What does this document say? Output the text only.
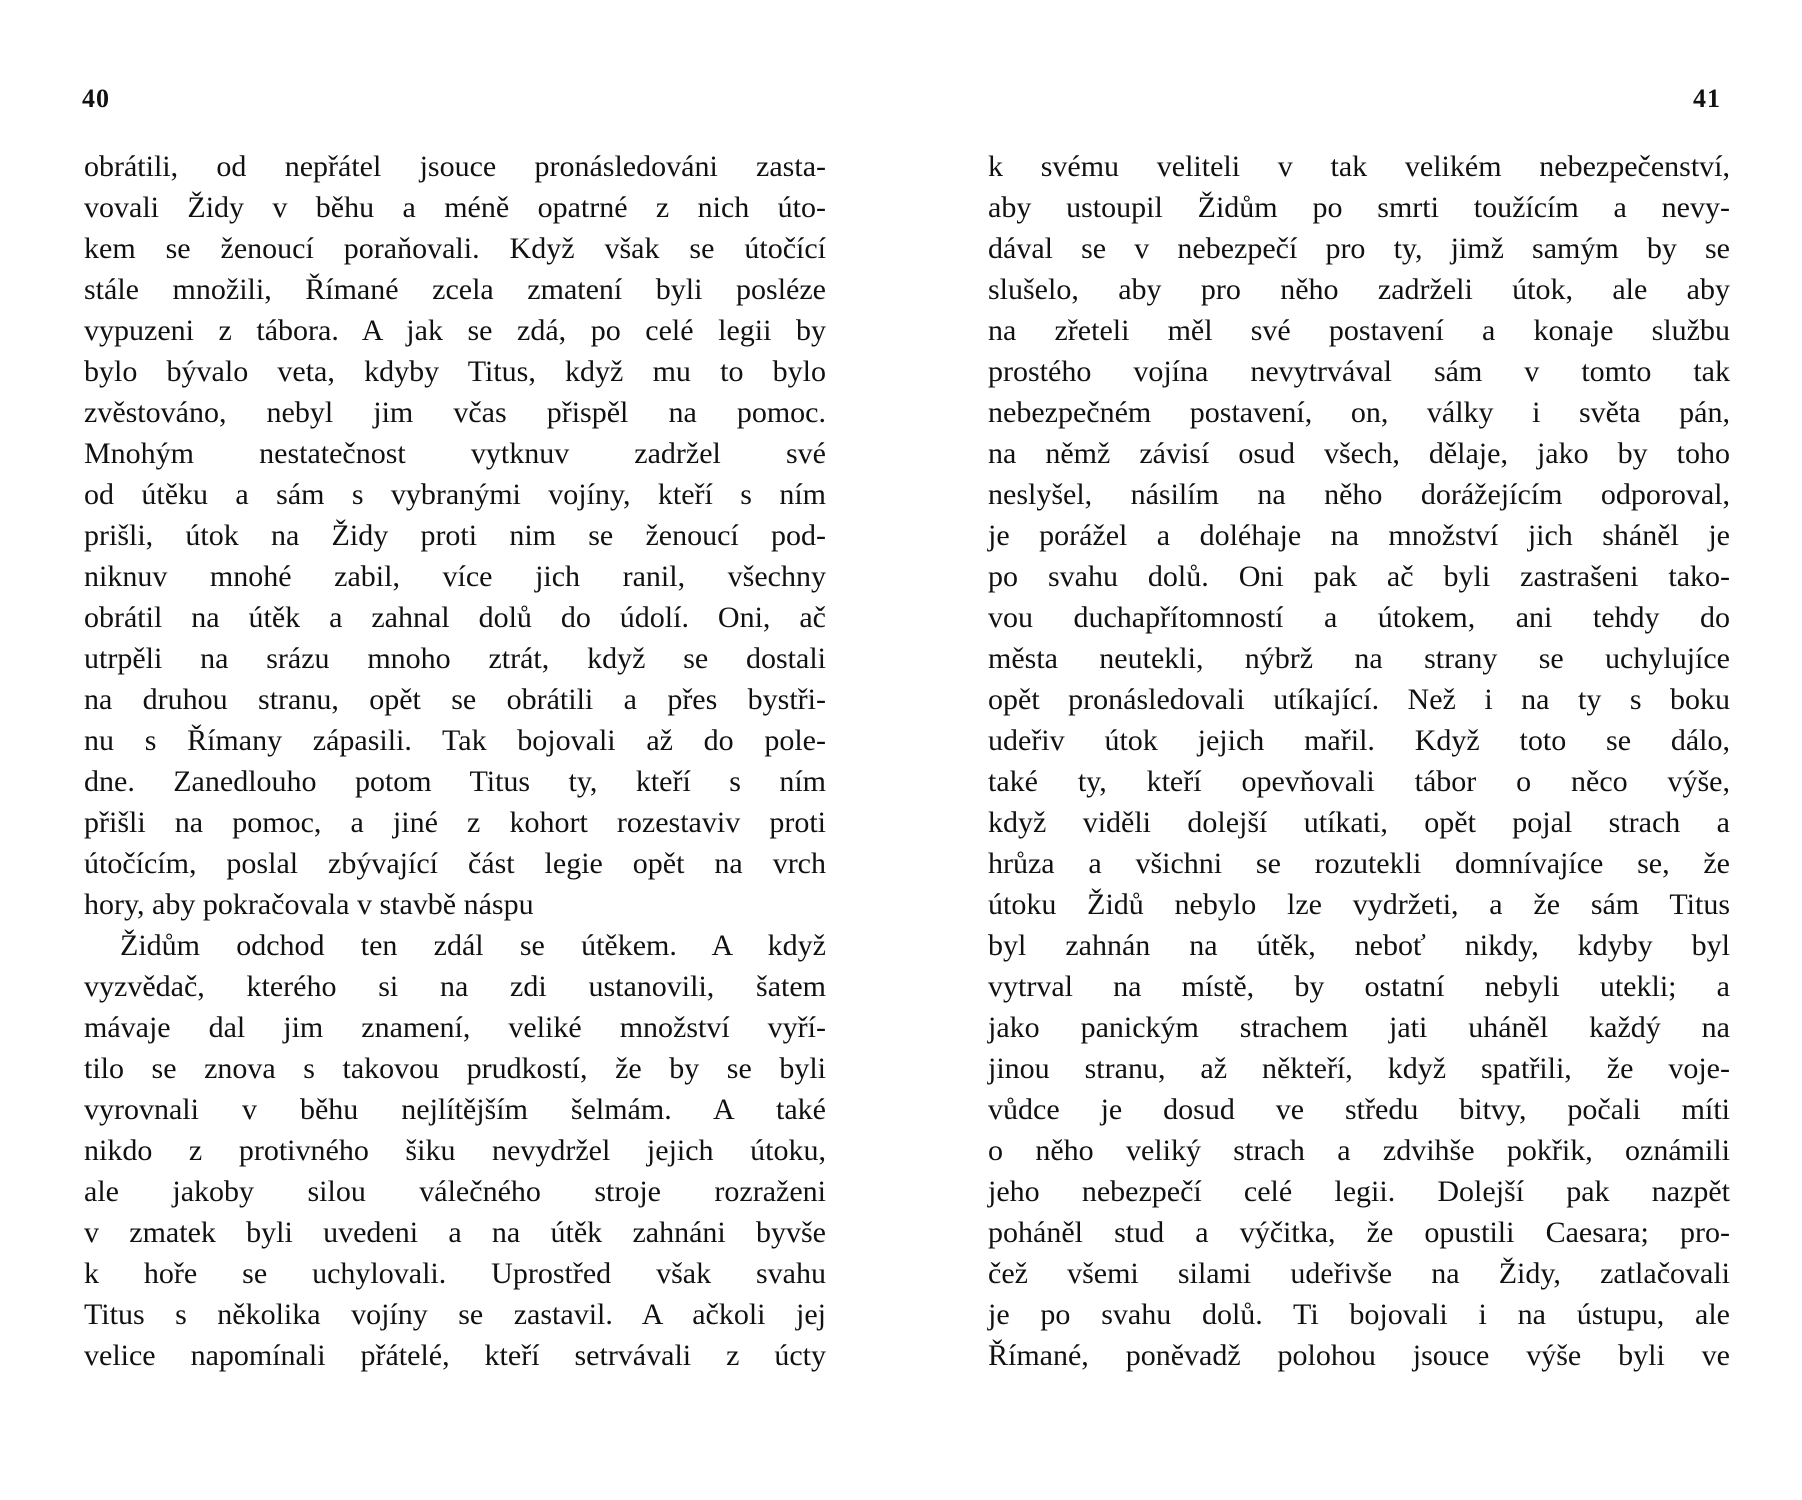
40
obrátili, od nepřátel jsouce pronásledováni zasta-
vovali Židy v běhu a méně opatrné z nich úto-
kem se ženoucí poraňovali. Když však se útočící
stále množili, Římané zcela zmatení byli posléze
vypuzeni z tábora. A jak se zdá, po celé legii by
bylo bývalo veta, kdyby Titus, když mu to bylo
zvěstováno, nebyl jim včas přispěl na pomoc.
Mnohým nestatečnost vytknuv zadržel své
od útěku a sám s vybranými vojíny, kteří s ním
prišli, útok na Židy proti nim se ženoucí pod-
niknuv mnohé zabil, více jich ranil, všechny
obrátil na útěk a zahnal dolů do údolí. Oni, ač
utrpěli na srázu mnoho ztrát, když se dostali
na druhou stranu, opět se obrátili a přes bystři-
nu s Římany zápasili. Tak bojovali až do pole-
dne. Zanedlouho potom Titus ty, kteří s ním
přišli na pomoc, a jiné z kohort rozestaviv proti
útočícím, poslal zbývající část legie opět na vrch
hory, aby pokračovala v stavbě náspu
Židům odchod ten zdál se útěkem. A když
vyzvědač, kterého si na zdi ustanovili, šatem
mávaje dal jim znamení, veliké množství vyří-
tilo se znova s takovou prudkostí, že by se byli
vyrovnali v běhu nejlítějším šelmám. A také
nikdo z protivného šiku nevydržel jejich útoku,
ale jakoby silou válečného stroje rozraženi
v zmatek byli uvedeni a na útěk zahnáni byvše
k hoře se uchylovali. Uprostřed však svahu
Titus s několika vojíny se zastavil. A ačkoli jej
velice napomínali přátelé, kteří setrvávali z úcty
41
k svému veliteli v tak velikém nebezpečenství,
aby ustoupil Židům po smrti toužícím a nevy-
dával se v nebezpečí pro ty, jimž samým by se
slušelo, aby pro něho zadrželi útok, ale aby
na zřeteli měl své postavení a konaje službu
prostého vojína nevytrvával sám v tomto tak
nebezpečném postavení, on, války i světa pán,
na němž závisí osud všech, dělaje, jako by toho
neslyšel, násilím na něho dorážejícím odporoval,
je porážel a doléhaje na množství jich sháněl je
po svahu dolů. Oni pak ač byli zastrašeni tako-
vou duchapřítomností a útokem, ani tehdy do
města neutekli, nýbrž na strany se uchylujíce
opět pronásledovali utíkající. Než i na ty s boku
udeřiv útok jejich mařil. Když toto se dálo,
také ty, kteří opevňovali tábor o něco výše,
když viděli dolejší utíkati, opět pojal strach a
hrůza a všichni se rozutekli domnívajíce se, že
útoku Židů nebylo lze vydržeti, a že sám Titus
byl zahnán na útěk, neboť nikdy, kdyby byl
vytrval na místě, by ostatní nebyli utekli; a
jako panickým strachem jati uháněl každý na
jinou stranu, až někteří, když spatřili, že voje-
vůdce je dosud ve středu bitvy, počali míti
o něho veliký strach a zdvihše pokřik, oznámili
jeho nebezpečí celé legii. Dolejší pak nazpět
poháněl stud a výčitka, že opustili Caesara; pro-
čež všemi silami udeřivše na Židy, zatlačovali
je po svahu dolů. Ti bojovali i na ústupu, ale
Římané, poněvadž polohou jsouce výše byli ve
